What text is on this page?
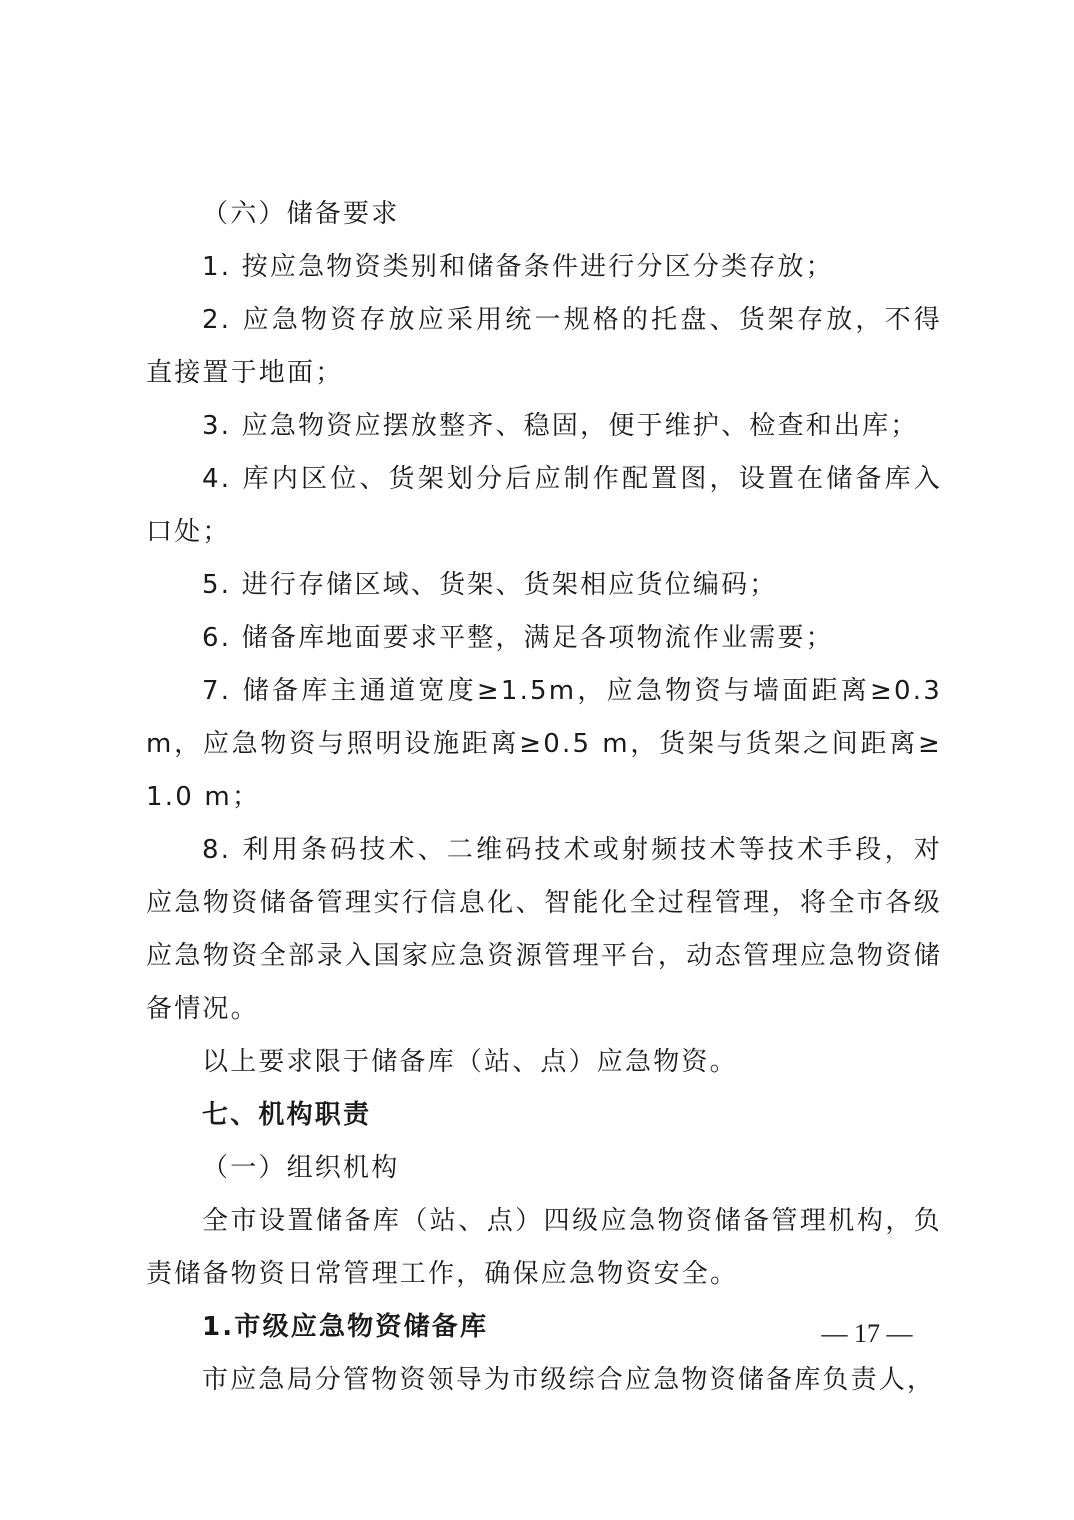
（六）储备要求

1. 按应急物资类别和储备条件进行分区分类存放；

2. 应急物资存放应采用统一规格的托盘、货架存放，不得直接置于地面；

3. 应急物资应摆放整齐、稳固，便于维护、检查和出库；

4. 库内区位、货架划分后应制作配置图，设置在储备库入口处；

5. 进行存储区域、货架、货架相应货位编码；

6. 储备库地面要求平整，满足各项物流作业需要；

7. 储备库主通道宽度≥1.5m，应急物资与墙面距离≥0.3 m，应急物资与照明设施距离≥0.5 m，货架与货架之间距离≥1.0 m；

8. 利用条码技术、二维码技术或射频技术等技术手段，对应急物资储备管理实行信息化、智能化全过程管理，将全市各级应急物资全部录入国家应急资源管理平台，动态管理应急物资储备情况。

以上要求限于储备库（站、点）应急物资。

七、机构职责

（一）组织机构

全市设置储备库（站、点）四级应急物资储备管理机构，负责储备物资日常管理工作，确保应急物资安全。

1.市级应急物资储备库

市应急局分管物资领导为市级综合应急物资储备库负责人，

— 17 —
